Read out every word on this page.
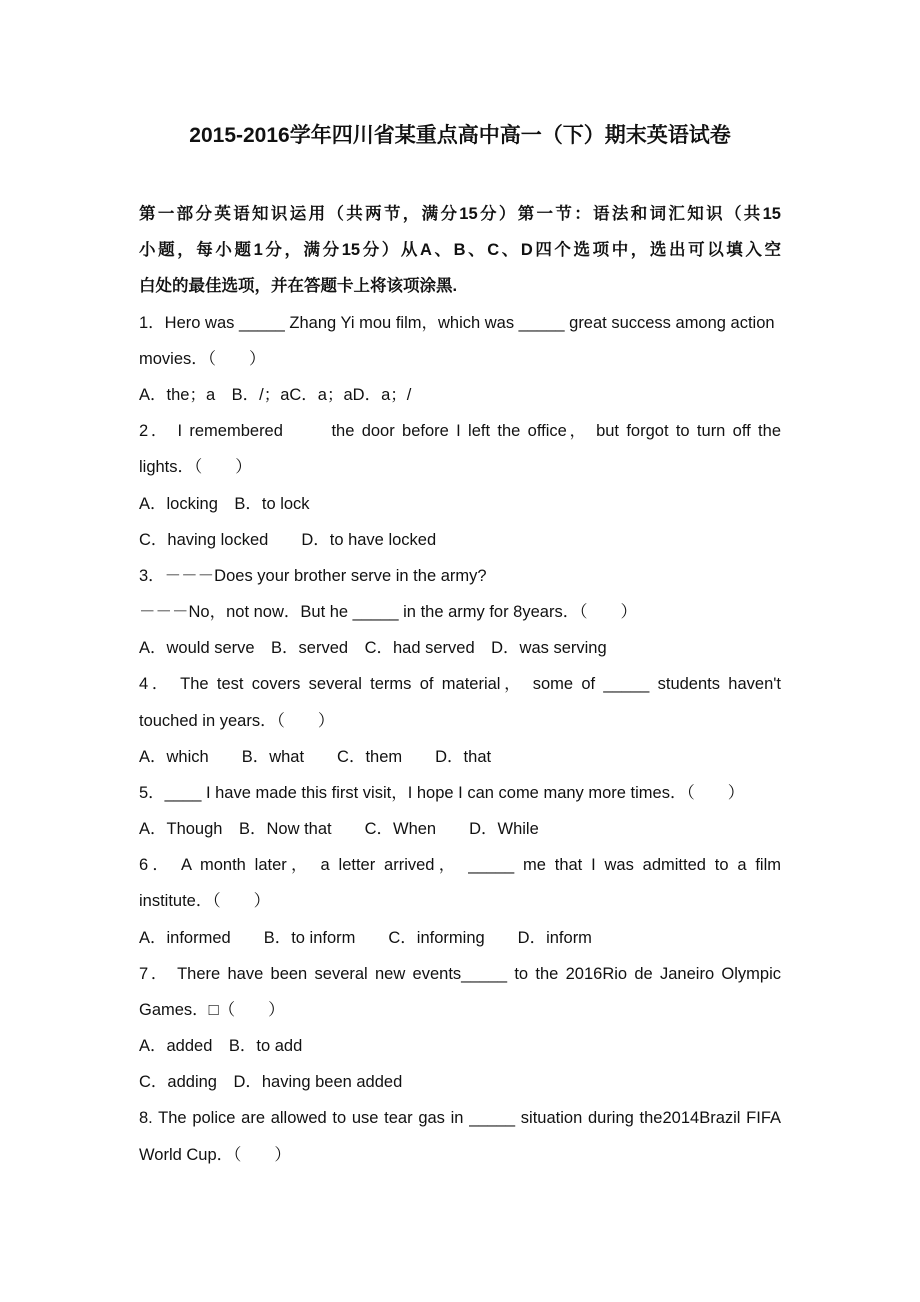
2015-2016学年四川省某重点高中高一（下）期末英语试卷
第一部分英语知识运用（共两节，满分15分）第一节：语法和词汇知识（共15
小题，每小题1分，满分15分）从A、B、C、D四个选项中，选出可以填入空
白处的最佳选项，并在答题卡上将该项涂黑.
1．Hero was _____ Zhang Yi mou film，which was _____ great success among action
movies．（　　）
A．the；a　B．/；aC．a；aD．a；/
2． I remembered　　 the door before I left the office， but forgot to turn off the
lights．（　　）
A．locking　B．to lock
C．having locked　　D．to have locked
3．－－－Does your brother serve in the army?
－－－No，not now．But he _____ in the army for 8years．（　　）
A．would serve　B．served　C．had served　D．was serving
4． The test covers several terms of material， some of _____ students haven't
touched in years．（　　）
A．which　　B．what　　C．them　　D．that
5．____ I have made this first visit，I hope I can come many more times．（　　）
A．Though　B．Now that　　C．When　　D．While
6． A month later， a letter arrived， _____ me that I was admitted to a film
institute．（　　）
A．informed　　B．to inform　　C．informing　　D．inform
7． There have been several new events_____ to the 2016Rio de Janeiro Olympic
Games．□（　　）
A．added　B．to add
C．adding　D．having been added
8. The police are allowed to use tear gas in _____ situation during the2014Brazil FIFA
World Cup．（　　）
